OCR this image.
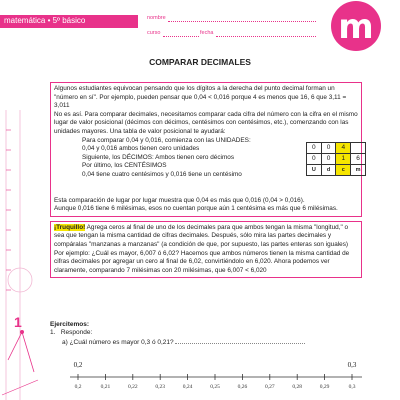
matemática • 5º básico	nombre
curso	fecha	m
COMPARAR DECIMALES
1

Algunos estudiantes equivocan pensando que los dígitos a la derecha del punto decimal forman un "número en sí". Por ejemplo, pueden pensar que 0,04 < 0,016 porque 4 es menos que 16, 6 que 3,11 = 3,011

No es así. Para comparar decimales, necesitamos comparar cada cifra del número con la cifra en el mismo lugar de valor posicional (décimos con décimos, centésimos con centésimos, etc.), comenzando con las unidades mayores. Una tabla de valor posicional te ayudará:

Para comparar 0,04 y 0,016, comienza con las UNIDADES:

0,04 y 0,016 ambos tienen cero unidades

Siguiente, los DÉCIMOS: Ambos tienen cero décimos

Por último, los CENTÉSIMOS

0,04 tiene cuatro centésimos y 0,016 tiene un centésimo

0	0	4	
0	0	1	6
U	d	c	m

Esta comparación de lugar por lugar muestra que 0,04 es más que 0,016 (0,04 > 0,016).

Aunque 0,016 tiene 6 milésimas, esos no cuentan porque aún 1 centésima es más que 6 milésimas.

¡Truquillo! Agrega ceros al final de uno de los decimales para que ambos tengan la misma "longitud," o sea que tengan la misma cantidad de cifras decimales. Después, sólo mira las partes decimales y compáralas "manzanas a manzanas" (a condición de que, por supuesto, las partes enteras son iguales)

Por ejemplo: ¿Cuál es mayor, 6,007 ó 6,02? Hacemos que ambos números tienen la misma cantidad de cifras decimales por agregar un cero al final de 6,02, convirtiéndolo en 6,020. Ahora podemos ver claramente, comparando 7 milésimas con 20 milésimas, que 6,007 < 6,020

Ejercitemos:

1. Responde:

a) ¿Cuál número es mayor 0,3 ó 0,21?

0,2	0,21	0,22	0,23	0,24	0,25	0,26	0,27	0,28	0,29	0,3
0,2	0,3
